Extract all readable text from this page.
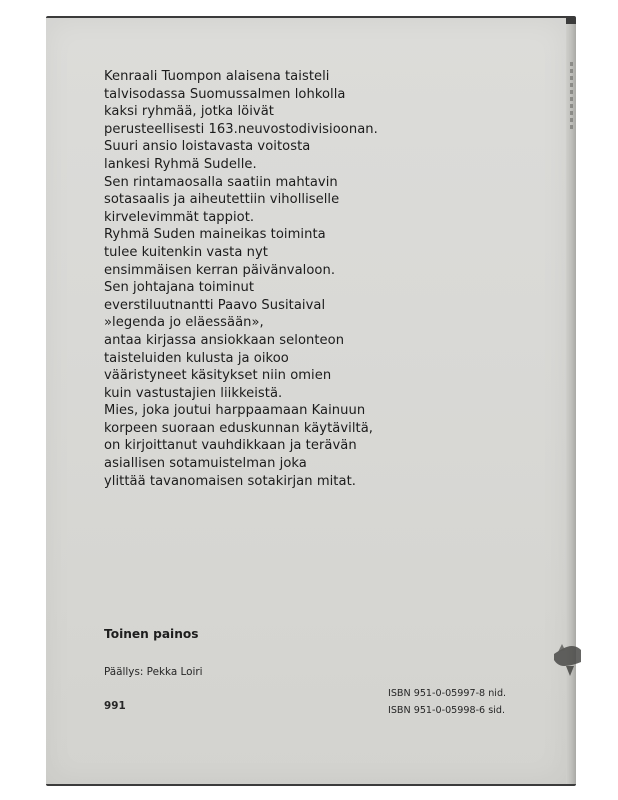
Kenraali Tuompon alaisena taisteli
talvisodassa Suomussalmen lohkolla
kaksi ryhmää, jotka löivät
perusteellisesti 163.neuvostodivisioonan.
Suuri ansio loistavasta voitosta
lankesi Ryhmä Sudelle.
Sen rintamaosalla saatiin mahtavin
sotasaalis ja aiheutettiin viholliselle
kirvelevimmät tappiot.
Ryhmä Suden maineikas toiminta
tulee kuitenkin vasta nyt
ensimmäisen kerran päivänvaloon.
Sen johtajana toiminut
everstiluutnantti Paavo Susitaival
»legenda jo eläessään»,
antaa kirjassa ansiokkaan selonteon
taisteluiden kulusta ja oikoo
vääristyneet käsitykset niin omien
kuin vastustajien liikkeistä.
Mies, joka joutui harppaamaan Kainuun
korpeen suoraan eduskunnan käytäviltä,
on kirjoittanut vauhdikkaan ja terävän
asiallisen sotamuistelman joka
ylittää tavanomaisen sotakirjan mitat.
Toinen painos
Päällys: Pekka Loiri
991
ISBN 951-0-05997-8 nid.
ISBN 951-0-05998-6 sid.
